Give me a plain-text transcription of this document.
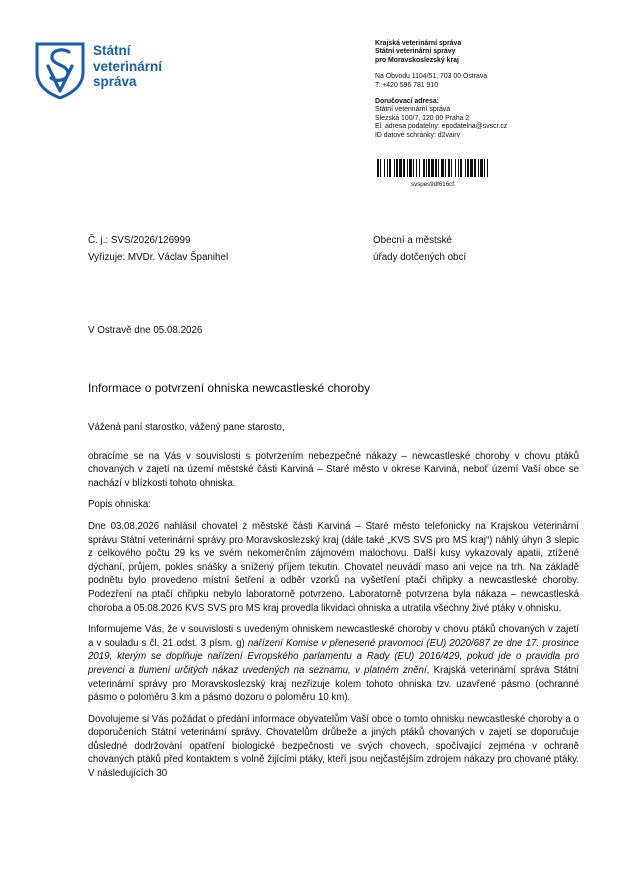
Státní
veterinární
správa
Krajská veterinární správa
Státní veterinární správy
pro Moravskoslezský kraj
Na Obvodu 1104/51, 703 00 Ostrava
T: +420 596 781 910
Doručovací adresa:
Státní veterinární správa
Slezská 100/7, 120 00 Praha 2
El. adresa podatelny: epodatelna@svscr.cz
ID datové schránky: d2vairv
svspes9df616cf
Č. j.: SVS/2026/126999
Vyřizuje: MVDr. Václav Španihel
Obecní a městské
úřady dotčených obcí
V Ostravě dne 05.08.2026
Informace o potvrzení ohniska newcastleské choroby

Vážená paní starostko, vážený pane starosto,

obracíme se na Vás v souvislosti s potvrzením nebezpečné nákazy – newcastleské choroby v chovu ptáků chovaných v zajetí na území městské části Karviná – Staré město v okrese Karviná, neboť území Vaší obce se nachází v blízkosti tohoto ohniska.

Popis ohniska:

Dne 03.08.2026 nahlásil chovatel z městské části Karviná – Staré město telefonicky na Krajskou veterinární správu Státní veterinární správy pro Moravskoslezský kraj (dále také „KVS SVS pro MS kraj“) náhlý úhyn 3 slepic z celkového počtu 29 ks ve svém nekomerčním zájmovém malochovu. Další kusy vykazovaly apatii, ztížené dýchaní, průjem, pokles snášky a snížený příjem tekutin. Chovatel neuvádí maso ani vejce na trh. Na základě podnětu bylo provedeno místní šetření a odběr vzorků na vyšetření ptačí chřipky a newcastleské choroby. Podezření na ptačí chřipku nebylo laboratorně potvrzeno. Laboratorně potvrzena byla nákaza – newcastleská choroba a 05.08.2026 KVS SVS pro MS kraj provedla likvidaci ohniska a utratila všechny živé ptáky v ohnisku.

Informujeme Vás, že v souvislosti s uvedeným ohniskem newcastleské choroby v chovu ptáků chovaných v zajetí a v souladu s čl. 21 odst. 3 písm. g) nařízení Komise v přenesené pravomoci (EU) 2020/687 ze dne 17. prosince 2019, kterým se doplňuje nařízení Evropského parlamentu a Rady (EU) 2016/429, pokud jde o pravidla pro prevenci a tlumení určitých nákaz uvedených na seznamu, v platném znění, Krajská veterinární správa Státní veterinární správy pro Moravskoslezský kraj nezřizuje kolem tohoto ohniska tzv. uzavřené pásmo (ochranné pásmo o poloměru 3 km a pásmo dozoru o poloměru 10 km).

Dovolujeme si Vás požádat o předání informace obyvatelům Vaší obce o tomto ohnisku newcastleské choroby a o doporučeních Státní veterinární správy. Chovatelům drůbeže a jiných ptáků chovaných v zajetí se doporučuje důsledné dodržování opatření biologické bezpečnosti ve svých chovech, spočívající zejména v ochraně chovaných ptáků před kontaktem s volně žijícími ptáky, kteří jsou nejčastějším zdrojem nákazy pro chované ptáky. V následujících 30
